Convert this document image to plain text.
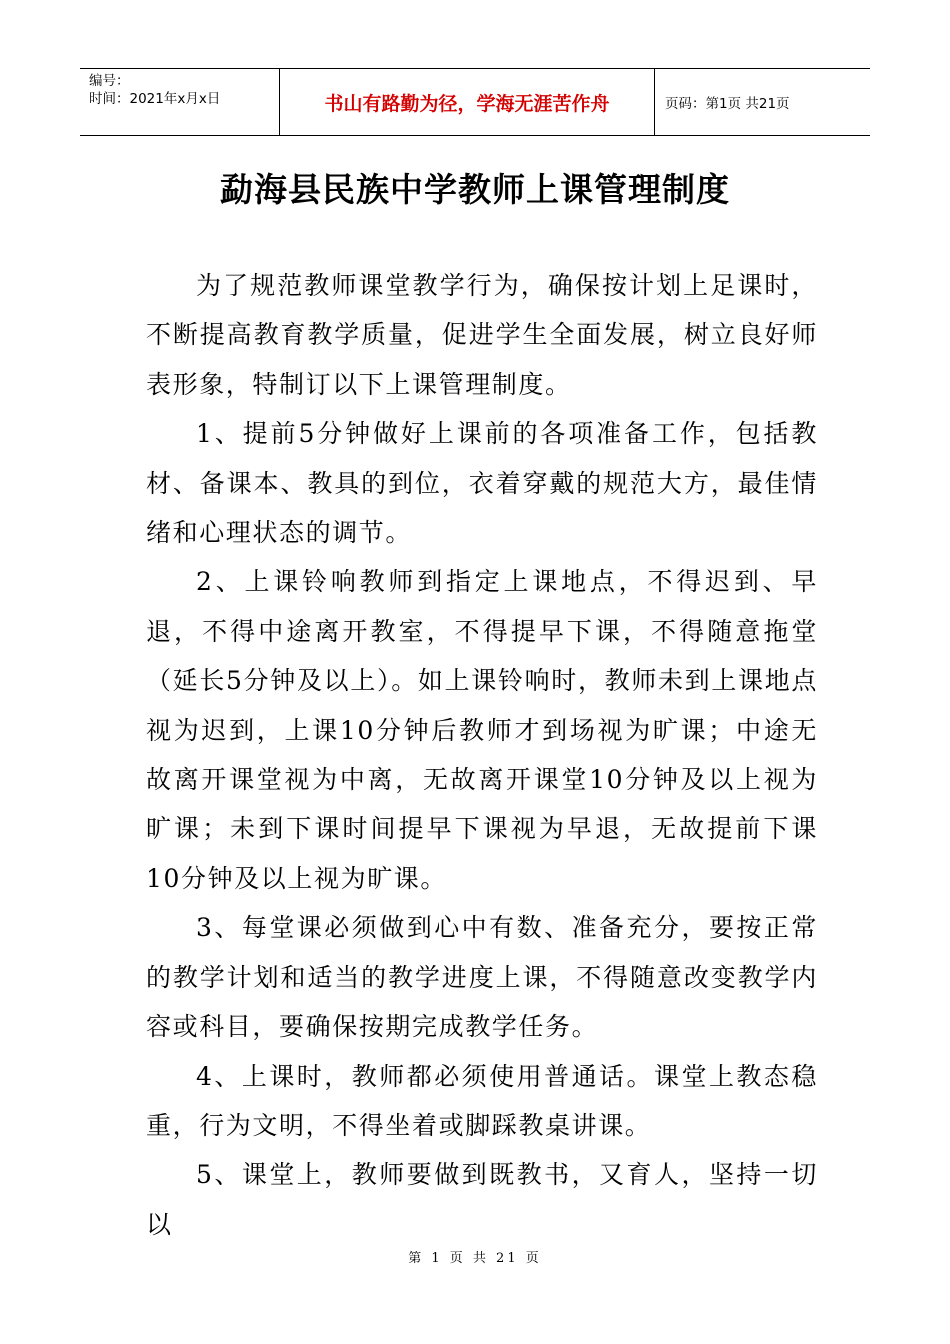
编号：
时间：2021年x月x日	书山有路勤为径，学海无涯苦作舟	页码：第1页 共21页
勐海县民族中学教师上课管理制度

为了规范教师课堂教学行为，确保按计划上足课时，不断提高教育教学质量，促进学生全面发展，树立良好师表形象，特制订以下上课管理制度。

1、提前5分钟做好上课前的各项准备工作，包括教材、备课本、教具的到位，衣着穿戴的规范大方，最佳情绪和心理状态的调节。

2、上课铃响教师到指定上课地点，不得迟到、早退，不得中途离开教室，不得提早下课，不得随意拖堂（延长5分钟及以上）。如上课铃响时，教师未到上课地点视为迟到，上课10分钟后教师才到场视为旷课；中途无故离开课堂视为中离，无故离开课堂10分钟及以上视为旷课；未到下课时间提早下课视为早退，无故提前下课10分钟及以上视为旷课。

3、每堂课必须做到心中有数、准备充分，要按正常的教学计划和适当的教学进度上课，不得随意改变教学内容或科目，要确保按期完成教学任务。

4、上课时，教师都必须使用普通话。课堂上教态稳重，行为文明，不得坐着或脚踩教桌讲课。

5、课堂上，教师要做到既教书，又育人，坚持一切以

第 1 页 共 21 页
